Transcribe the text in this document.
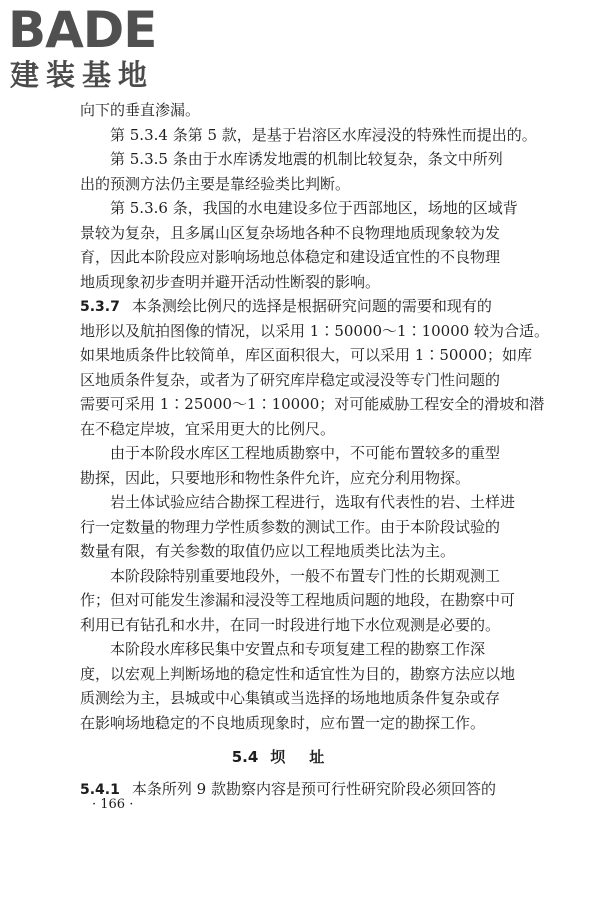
BADE
建装基地
向下的垂直渗漏。
第 5.3.4 条第 5 款，是基于岩溶区水库浸没的特殊性而提出的。
第 5.3.5 条由于水库诱发地震的机制比较复杂，条文中所列
出的预测方法仍主要是靠经验类比判断。
第 5.3.6 条，我国的水电建设多位于西部地区，场地的区域背
景较为复杂，且多属山区复杂场地各种不良物理地质现象较为发
育，因此本阶段应对影响场地总体稳定和建设适宜性的不良物理
地质现象初步查明并避开活动性断裂的影响。
5.3.7 本条测绘比例尺的选择是根据研究问题的需要和现有的
地形以及航拍图像的情况，以采用 1∶50000～1∶10000 较为合适。
如果地质条件比较简单，库区面积很大，可以采用 1∶50000；如库
区地质条件复杂，或者为了研究库岸稳定或浸没等专门性问题的
需要可采用 1∶25000～1∶10000；对可能威胁工程安全的滑坡和潜
在不稳定岸坡，宜采用更大的比例尺。
由于本阶段水库区工程地质勘察中，不可能布置较多的重型
勘探，因此，只要地形和物性条件允许，应充分利用物探。
岩土体试验应结合勘探工程进行，选取有代表性的岩、土样进
行一定数量的物理力学性质参数的测试工作。由于本阶段试验的
数量有限，有关参数的取值仍应以工程地质类比法为主。
本阶段除特别重要地段外，一般不布置专门性的长期观测工
作；但对可能发生渗漏和浸没等工程地质问题的地段，在勘察中可
利用已有钻孔和水井，在同一时段进行地下水位观测是必要的。
本阶段水库移民集中安置点和专项复建工程的勘察工作深
度，以宏观上判断场地的稳定性和适宜性为目的，勘察方法应以地
质测绘为主，县城或中心集镇或当选择的场地地质条件复杂或存
在影响场地稳定的不良地质现象时，应布置一定的勘探工作。
5.4 坝址
5.4.1 本条所列 9 款勘察内容是预可行性研究阶段必须回答的
· 166 ·
